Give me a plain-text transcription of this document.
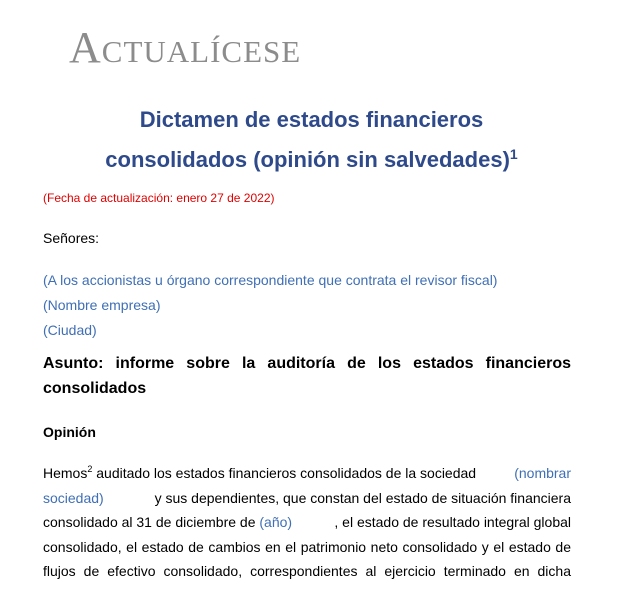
Actualícese
Dictamen de estados financieros
consolidados (opinión sin salvedades)$^1$
(Fecha de actualización: enero 27 de 2022)
Señores:
(A los accionistas u órgano correspondiente que contrata el revisor fiscal)
(Nombre empresa)
(Ciudad)
Asunto: informe sobre la auditoría de los estados financieros consolidados
Opinión
Hemos$^2$ auditado los estados financieros consolidados de la sociedad (nombrar
sociedad)	y sus dependientes, que constan del estado de situación financiera
consolidado al 31 de diciembre de (año)	, el estado de resultado integral global
consolidado, el estado de cambios en el patrimonio neto consolidado y el estado de
flujos de efectivo consolidado, correspondientes al ejercicio terminado en dicha
